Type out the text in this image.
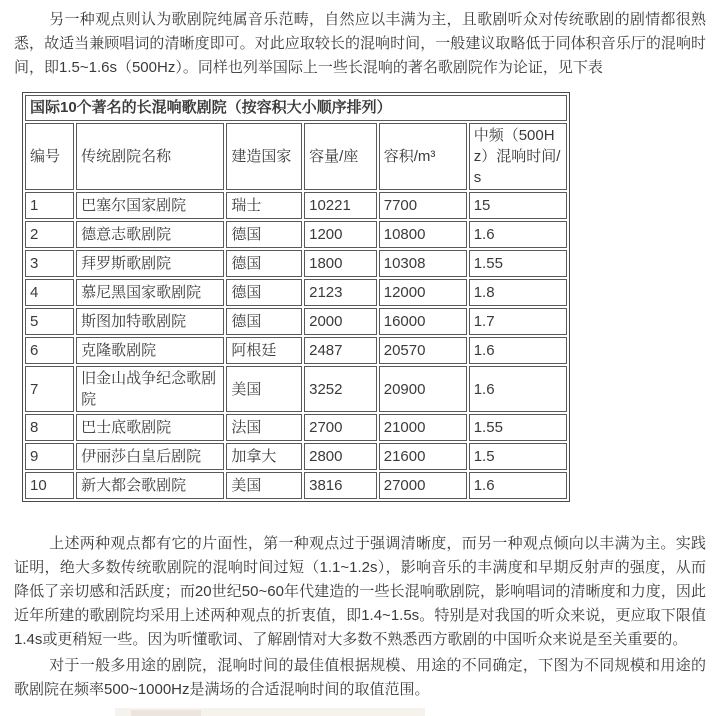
另一种观点则认为歌剧院纯属音乐范畴，自然应以丰满为主，且歌剧听众对传统歌剧的剧情都很熟悉，故适当兼顾唱词的清晰度即可。对此应取较长的混响时间，一般建议取略低于同体积音乐厅的混响时间，即1.5~1.6s（500Hz）。同样也列举国际上一些长混响的著名歌剧院作为论证，见下表

国际10个著名的长混响歌剧院（按容积大小顺序排列）					
编号	传统剧院名称	建造国家	容量/座	容积/m³	中频（500Hz）混响时间/s
1	巴塞尔国家剧院	瑞士	10221	7700	15
2	德意志歌剧院	德国	1200	10800	1.6
3	拜罗斯歌剧院	德国	1800	10308	1.55
4	慕尼黑国家歌剧院	德国	2123	12000	1.8
5	斯图加特歌剧院	德国	2000	16000	1.7
6	克隆歌剧院	阿根廷	2487	20570	1.6
7	旧金山战争纪念歌剧院	美国	3252	20900	1.6
8	巴士底歌剧院	法国	2700	21000	1.55
9	伊丽莎白皇后剧院	加拿大	2800	21600	1.5
10	新大都会歌剧院	美国	3816	27000	1.6

上述两种观点都有它的片面性，第一种观点过于强调清晰度，而另一种观点倾向以丰满为主。实践证明，绝大多数传统歌剧院的混响时间过短（1.1~1.2s），影响音乐的丰满度和早期反射声的强度，从而降低了亲切感和活跃度；而20世纪50~60年代建造的一些长混响歌剧院，影响唱词的清晰度和力度，因此近年所建的歌剧院均采用上述两种观点的折衷值，即1.4~1.5s。特别是对我国的听众来说，更应取下限值1.4s或更稍短一些。因为听懂歌词、了解剧情对大多数不熟悉西方歌剧的中国听众来说是至关重要的。

对于一般多用途的剧院，混响时间的最佳值根据规模、用途的不同确定，下图为不同规模和用途的歌剧院在频率500~1000Hz是满场的合适混响时间的取值范围。
